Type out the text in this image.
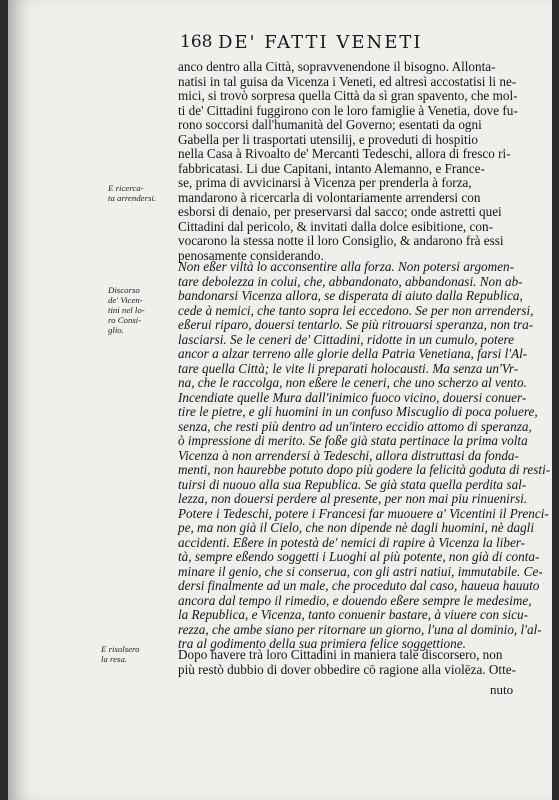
168 DE' FATTI VENETI
E ricerca-
ta arrendersi.
Discorso
de' Vicen-
tini nel lo-
ro Consi-
glio.
E risolsero
la resa.
anco dentro alla Città, sopravvenendone il bisogno. Allonta-
natisi in tal guisa da Vicenza i Veneti, ed altresì accostatisi li ne-
mici, si trovò sorpresa quella Città da sì gran spavento, che mol-
ti de' Cittadini fuggirono con le loro famiglie à Venetia, dove fu-
rono soccorsi dall'humanità del Governo; esentati da ogni
Gabella per li trasportati utensilij, e proveduti di hospitio
nella Casa à Rivoalto de' Mercanti Tedeschi, allora di fresco ri-
fabbricatasi. Li due Capitani, intanto Alemanno, e France-
se, prima di avvicinarsi à Vicenza per prenderla à forza,
mandarono à ricercarla di volontariamente arrendersi con
esborsi di denaio, per preservarsi dal sacco; onde astretti quei
Cittadini dal pericolo, & invitati dalla dolce esibitione, con-
vocarono la stessa notte il loro Consiglio, & andarono frà essi
penosamente considerando.
Non eßer viltà lo acconsentire alla forza. Non potersi argomen-
tare debolezza in colui, che, abbandonato, abbandonasi. Non ab-
bandonarsi Vicenza allora, se disperata di aiuto dalla Republica,
cede à nemici, che tanto sopra lei eccedono. Se per non arrendersi,
eßerui riparo, douersi tentarlo. Se più ritrouarsi speranza, non tra-
lasciarsi. Se le ceneri de' Cittadini, ridotte in un cumulo, potere
ancor a alzar terreno alle glorie della Patria Venetiana, farsi l'Al-
tare quella Città; le vite li preparati holocausti. Ma senza un'Vr-
na, che le raccolga, non eßere le ceneri, che uno scherzo al vento.
Incendiate quelle Mura dall'inimico fuoco vicino, douersi conuer-
tire le pietre, e gli huomini in un confuso Miscuglio di poca poluere,
senza, che resti più dentro ad un'intero eccidio attomo di speranza,
ò impressione di merito. Se foße già stata pertinace la prima volta
Vicenza à non arrendersi à Tedeschi, allora distruttasi da fonda-
menti, non haurebbe potuto dopo più godere la felicità goduta di resti-
tuirsi di nuouo alla sua Republica. Se già stata quella perdita sal-
lezza, non douersi perdere al presente, per non mai piu rinuenirsi.
Potere i Tedeschi, potere i Francesi far muouere a' Vicentini il Prenci-
pe, ma non già il Cielo, che non dipende nè dagli huomini, nè dagli
accidenti. Eßere in potestà de' nemici di rapire à Vicenza la liber-
tà, sempre eßendo soggetti i Luoghi al più potente, non già di conta-
minare il genio, che si conserua, con gli astri natiui, immutabile. Ce-
dersi finalmente ad un male, che proceduto dal caso, haueua hauuto
ancora dal tempo il rimedio, e douendo eßere sempre le medesime,
la Republica, e Vicenza, tanto conuenir bastare, à viuere con sicu-
rezza, che ambe siano per ritornare un giorno, l'una al dominio, l'al-
tra al godimento della sua primiera felice soggettione.
Dopo havere trà loro Cittadini in maniera tale discorsero, non
più restò dubbio di dover obbedire cō ragione alla violēza. Otte-
nuto
